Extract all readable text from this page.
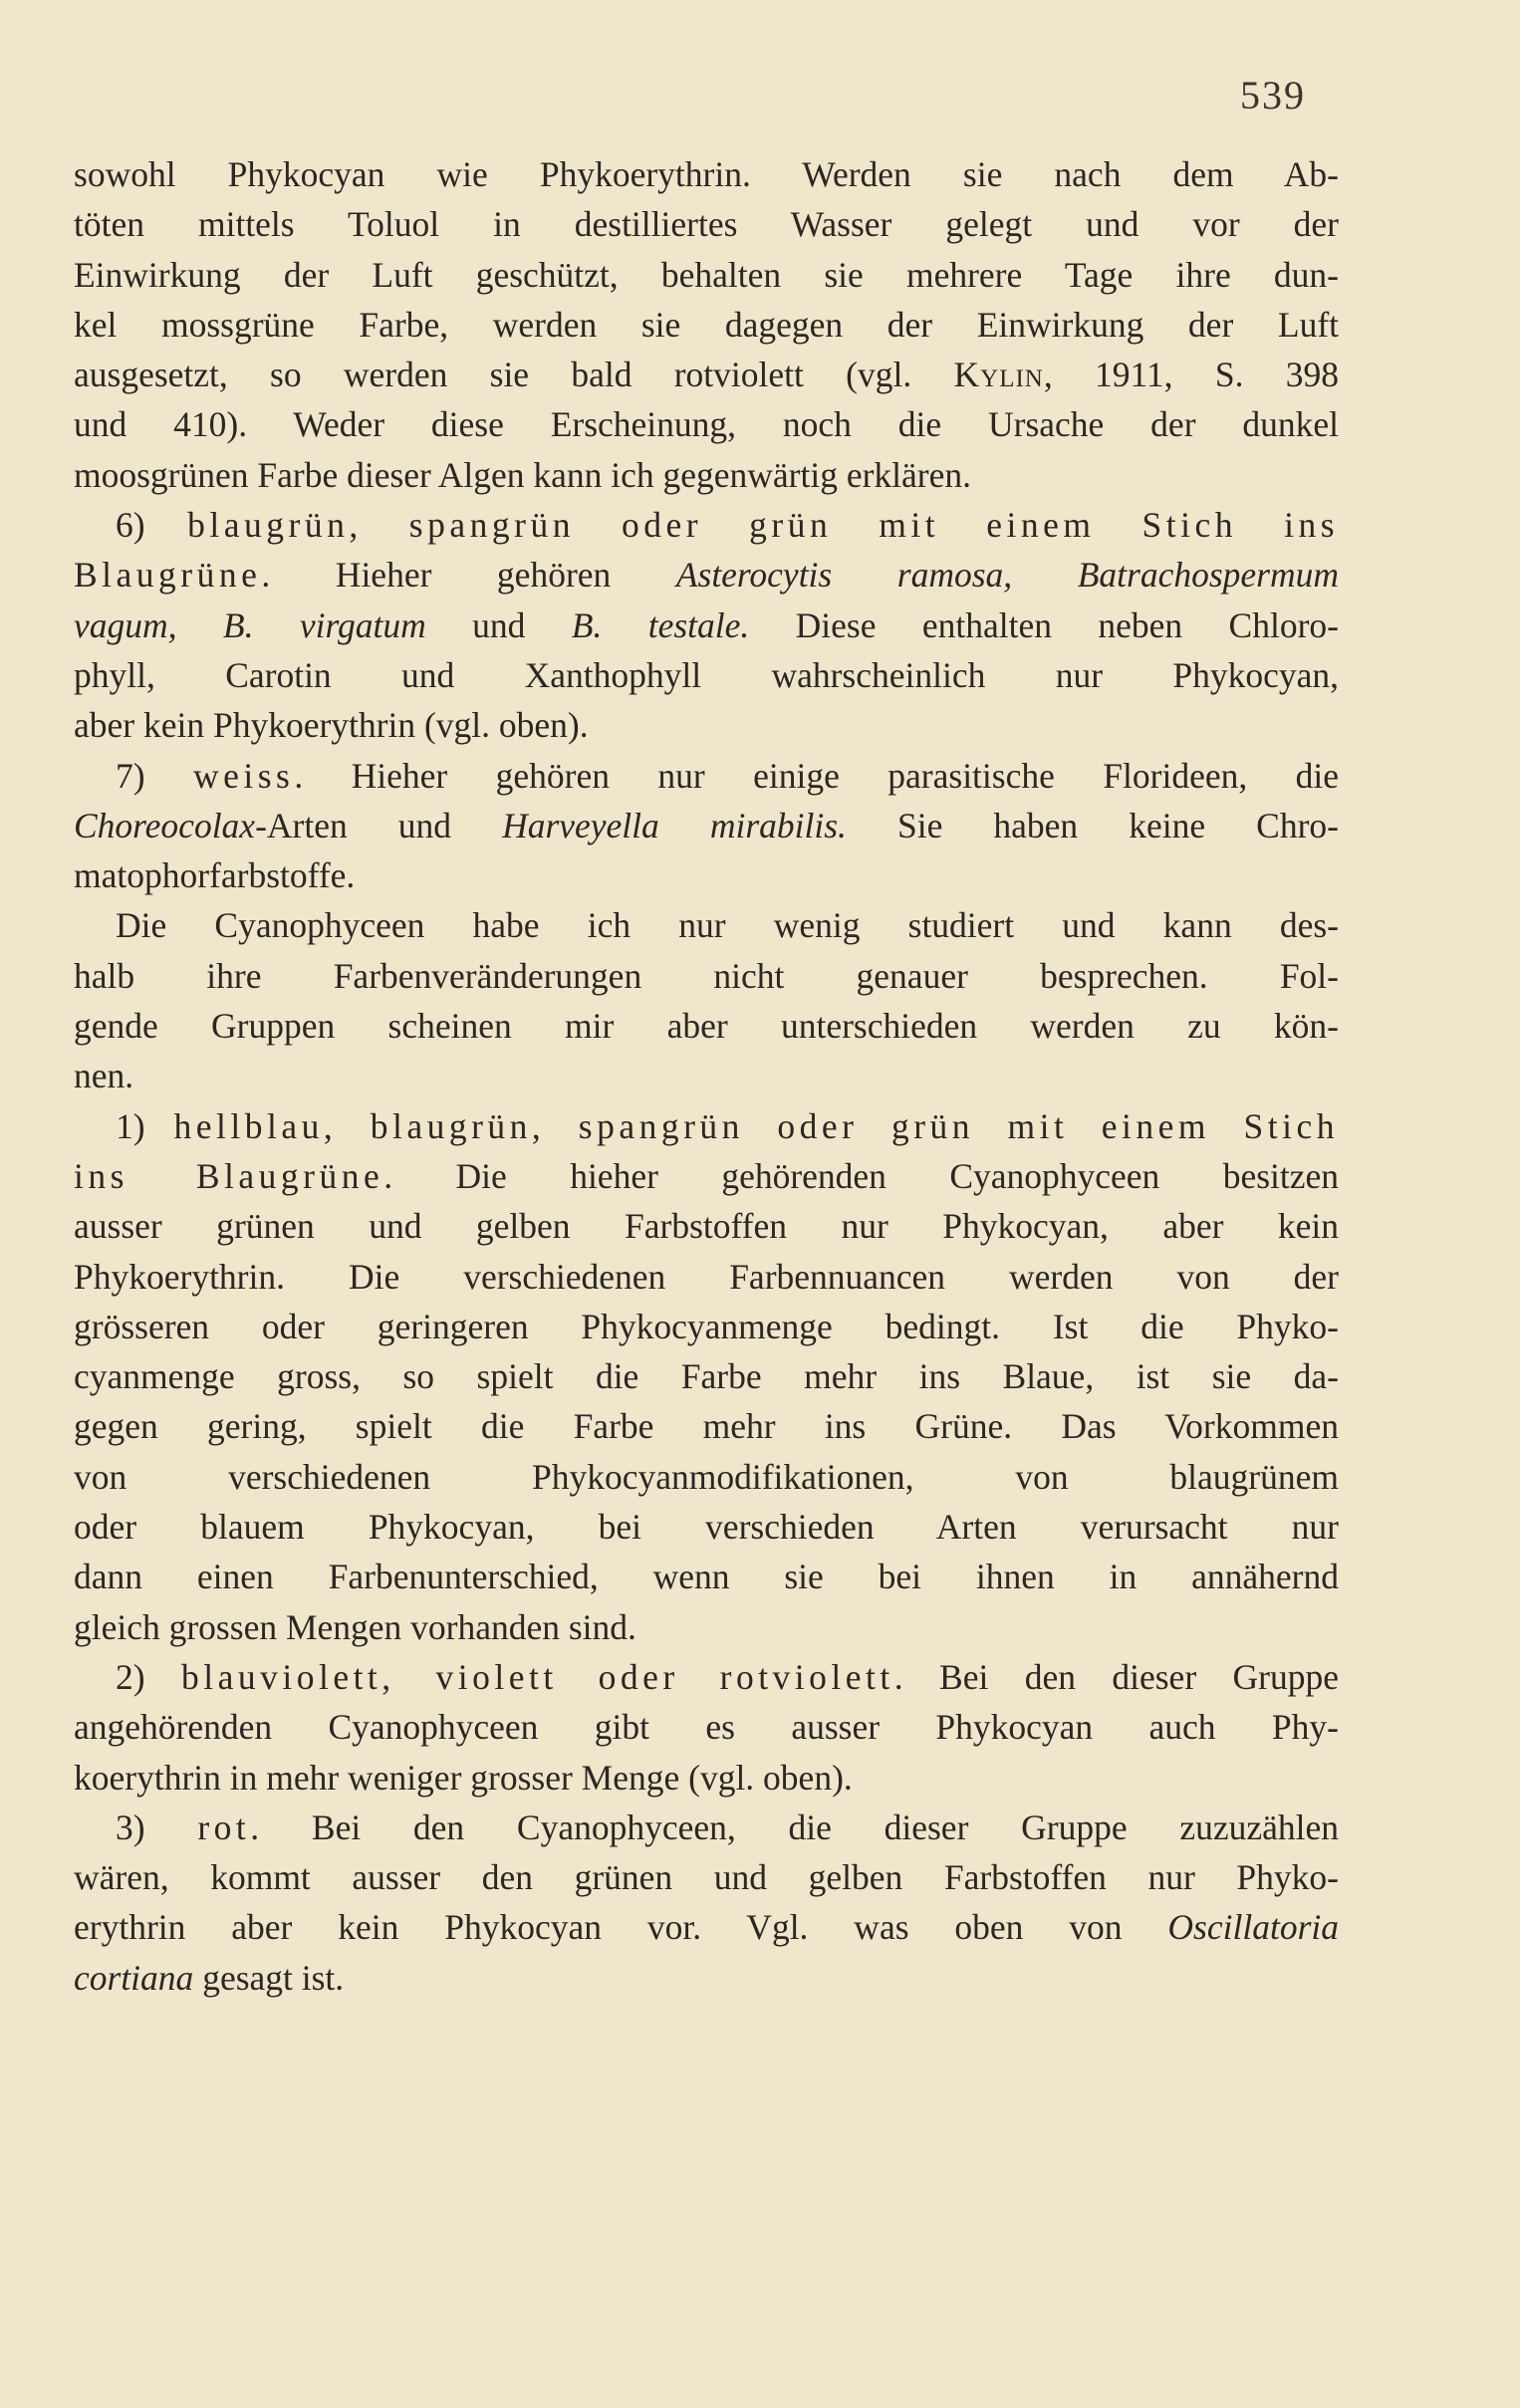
539
sowohl Phykocyan wie Phykoerythrin. Werden sie nach dem Ab-
töten mittels Toluol in destilliertes Wasser gelegt und vor der
Einwirkung der Luft geschützt, behalten sie mehrere Tage ihre dun-
kel mossgrüne Farbe, werden sie dagegen der Einwirkung der Luft
ausgesetzt, so werden sie bald rotviolett (vgl. Kylin, 1911, S. 398
und 410). Weder diese Erscheinung, noch die Ursache der dunkel
moosgrünen Farbe dieser Algen kann ich gegenwärtig erklären.
6) blaugrün, spangrün oder grün mit einem Stich ins
Blaugrüne. Hieher gehören Asterocytis ramosa, Batrachospermum
vagum, B. virgatum und B. testale. Diese enthalten neben Chloro-
phyll, Carotin und Xanthophyll wahrscheinlich nur Phykocyan,
aber kein Phykoerythrin (vgl. oben).
7) weiss. Hieher gehören nur einige parasitische Florideen, die
Choreocolax-Arten und Harveyella mirabilis. Sie haben keine Chro-
matophorfarbstoffe.
Die Cyanophyceen habe ich nur wenig studiert und kann des-
halb ihre Farbenveränderungen nicht genauer besprechen. Fol-
gende Gruppen scheinen mir aber unterschieden werden zu kön-
nen.
1) hellblau, blaugrün, spangrün oder grün mit einem Stich
ins Blaugrüne. Die hieher gehörenden Cyanophyceen besitzen
ausser grünen und gelben Farbstoffen nur Phykocyan, aber kein
Phykoerythrin. Die verschiedenen Farbennuancen werden von der
grösseren oder geringeren Phykocyanmenge bedingt. Ist die Phyko-
cyanmenge gross, so spielt die Farbe mehr ins Blaue, ist sie da-
gegen gering, spielt die Farbe mehr ins Grüne. Das Vorkommen
von verschiedenen Phykocyanmodifikationen, von blaugrünem
oder blauem Phykocyan, bei verschieden Arten verursacht nur
dann einen Farbenunterschied, wenn sie bei ihnen in annähernd
gleich grossen Mengen vorhanden sind.
2) blauviolett, violett oder rotviolett. Bei den dieser Gruppe
angehörenden Cyanophyceen gibt es ausser Phykocyan auch Phy-
koerythrin in mehr weniger grosser Menge (vgl. oben).
3) rot. Bei den Cyanophyceen, die dieser Gruppe zuzuzählen
wären, kommt ausser den grünen und gelben Farbstoffen nur Phyko-
erythrin aber kein Phykocyan vor. Vgl. was oben von Oscillatoria
cortiana gesagt ist.
